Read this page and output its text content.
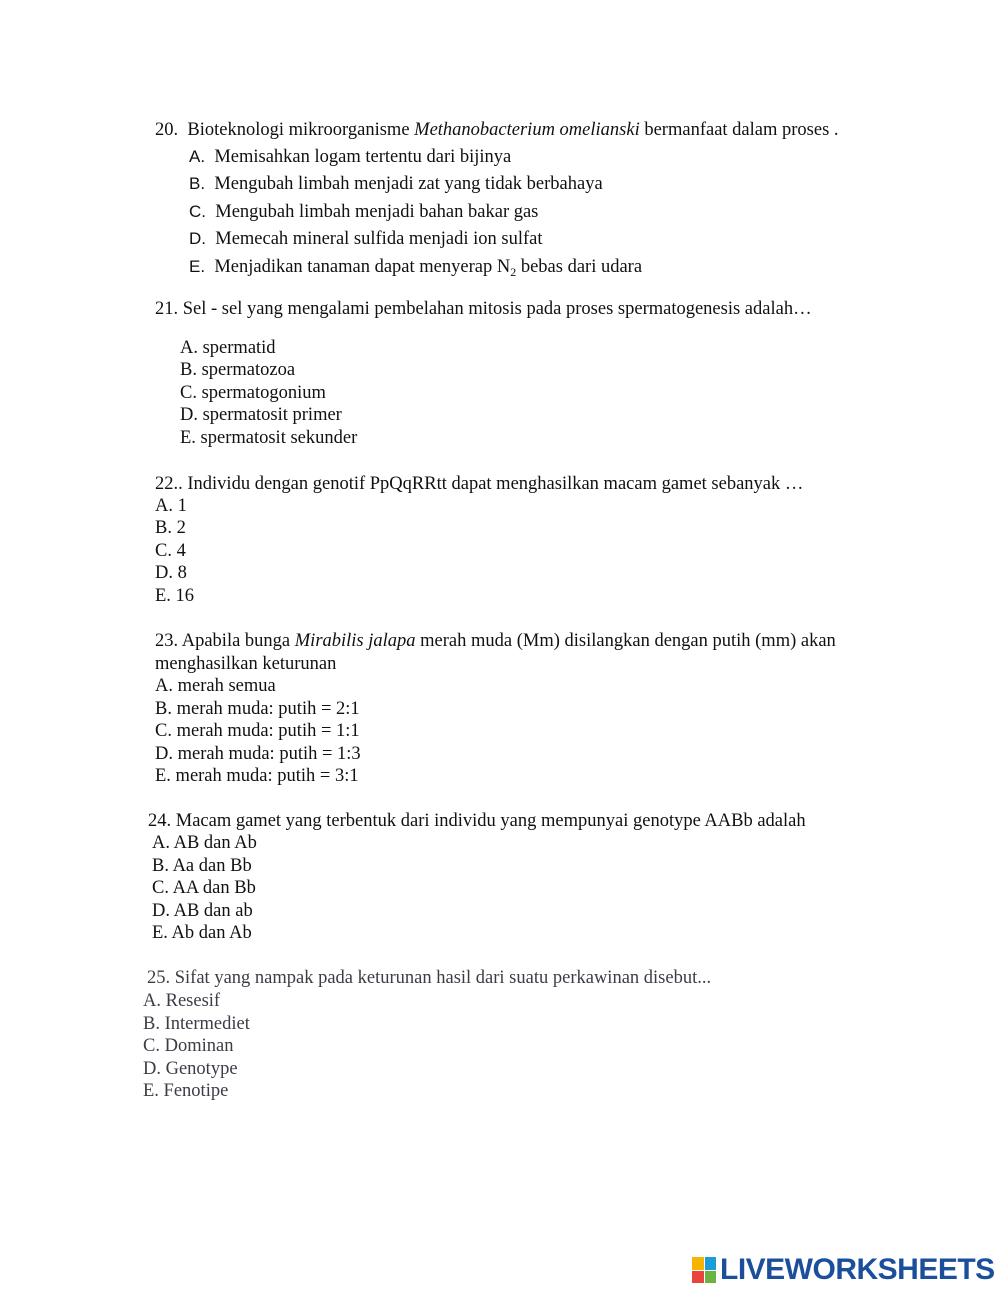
20. Bioteknologi mikroorganisme Methanobacterium omelianski bermanfaat dalam proses .
A. Memisahkan logam tertentu dari bijinya
B. Mengubah limbah menjadi zat yang tidak berbahaya
C. Mengubah limbah menjadi bahan bakar gas
D. Memecah mineral sulfida menjadi ion sulfat
E. Menjadikan tanaman dapat menyerap $N_2$ bebas dari udara
21. Sel - sel yang mengalami pembelahan mitosis pada proses spermatogenesis adalah…
A. spermatid
B. spermatozoa
C. spermatogonium
D. spermatosit primer
E. spermatosit sekunder
22.. Individu dengan genotif PpQqRRtt dapat menghasilkan macam gamet sebanyak …
A. 1
B. 2
C. 4
D. 8
E. 16
23. Apabila bunga Mirabilis jalapa merah muda (Mm) disilangkan dengan putih (mm) akan
menghasilkan keturunan
A. merah semua
B. merah muda: putih = 2:1
C. merah muda: putih = 1:1
D. merah muda: putih = 1:3
E. merah muda: putih = 3:1
24. Macam gamet yang terbentuk dari individu yang mempunyai genotype AABb adalah
A. AB dan Ab
B. Aa dan Bb
C. AA dan Bb
D. AB dan ab
E. Ab dan Ab
25. Sifat yang nampak pada keturunan hasil dari suatu perkawinan disebut...
A. Resesif
B. Intermediet
C. Dominan
D. Genotype
E. Fenotipe
LIVEWORKSHEETS
